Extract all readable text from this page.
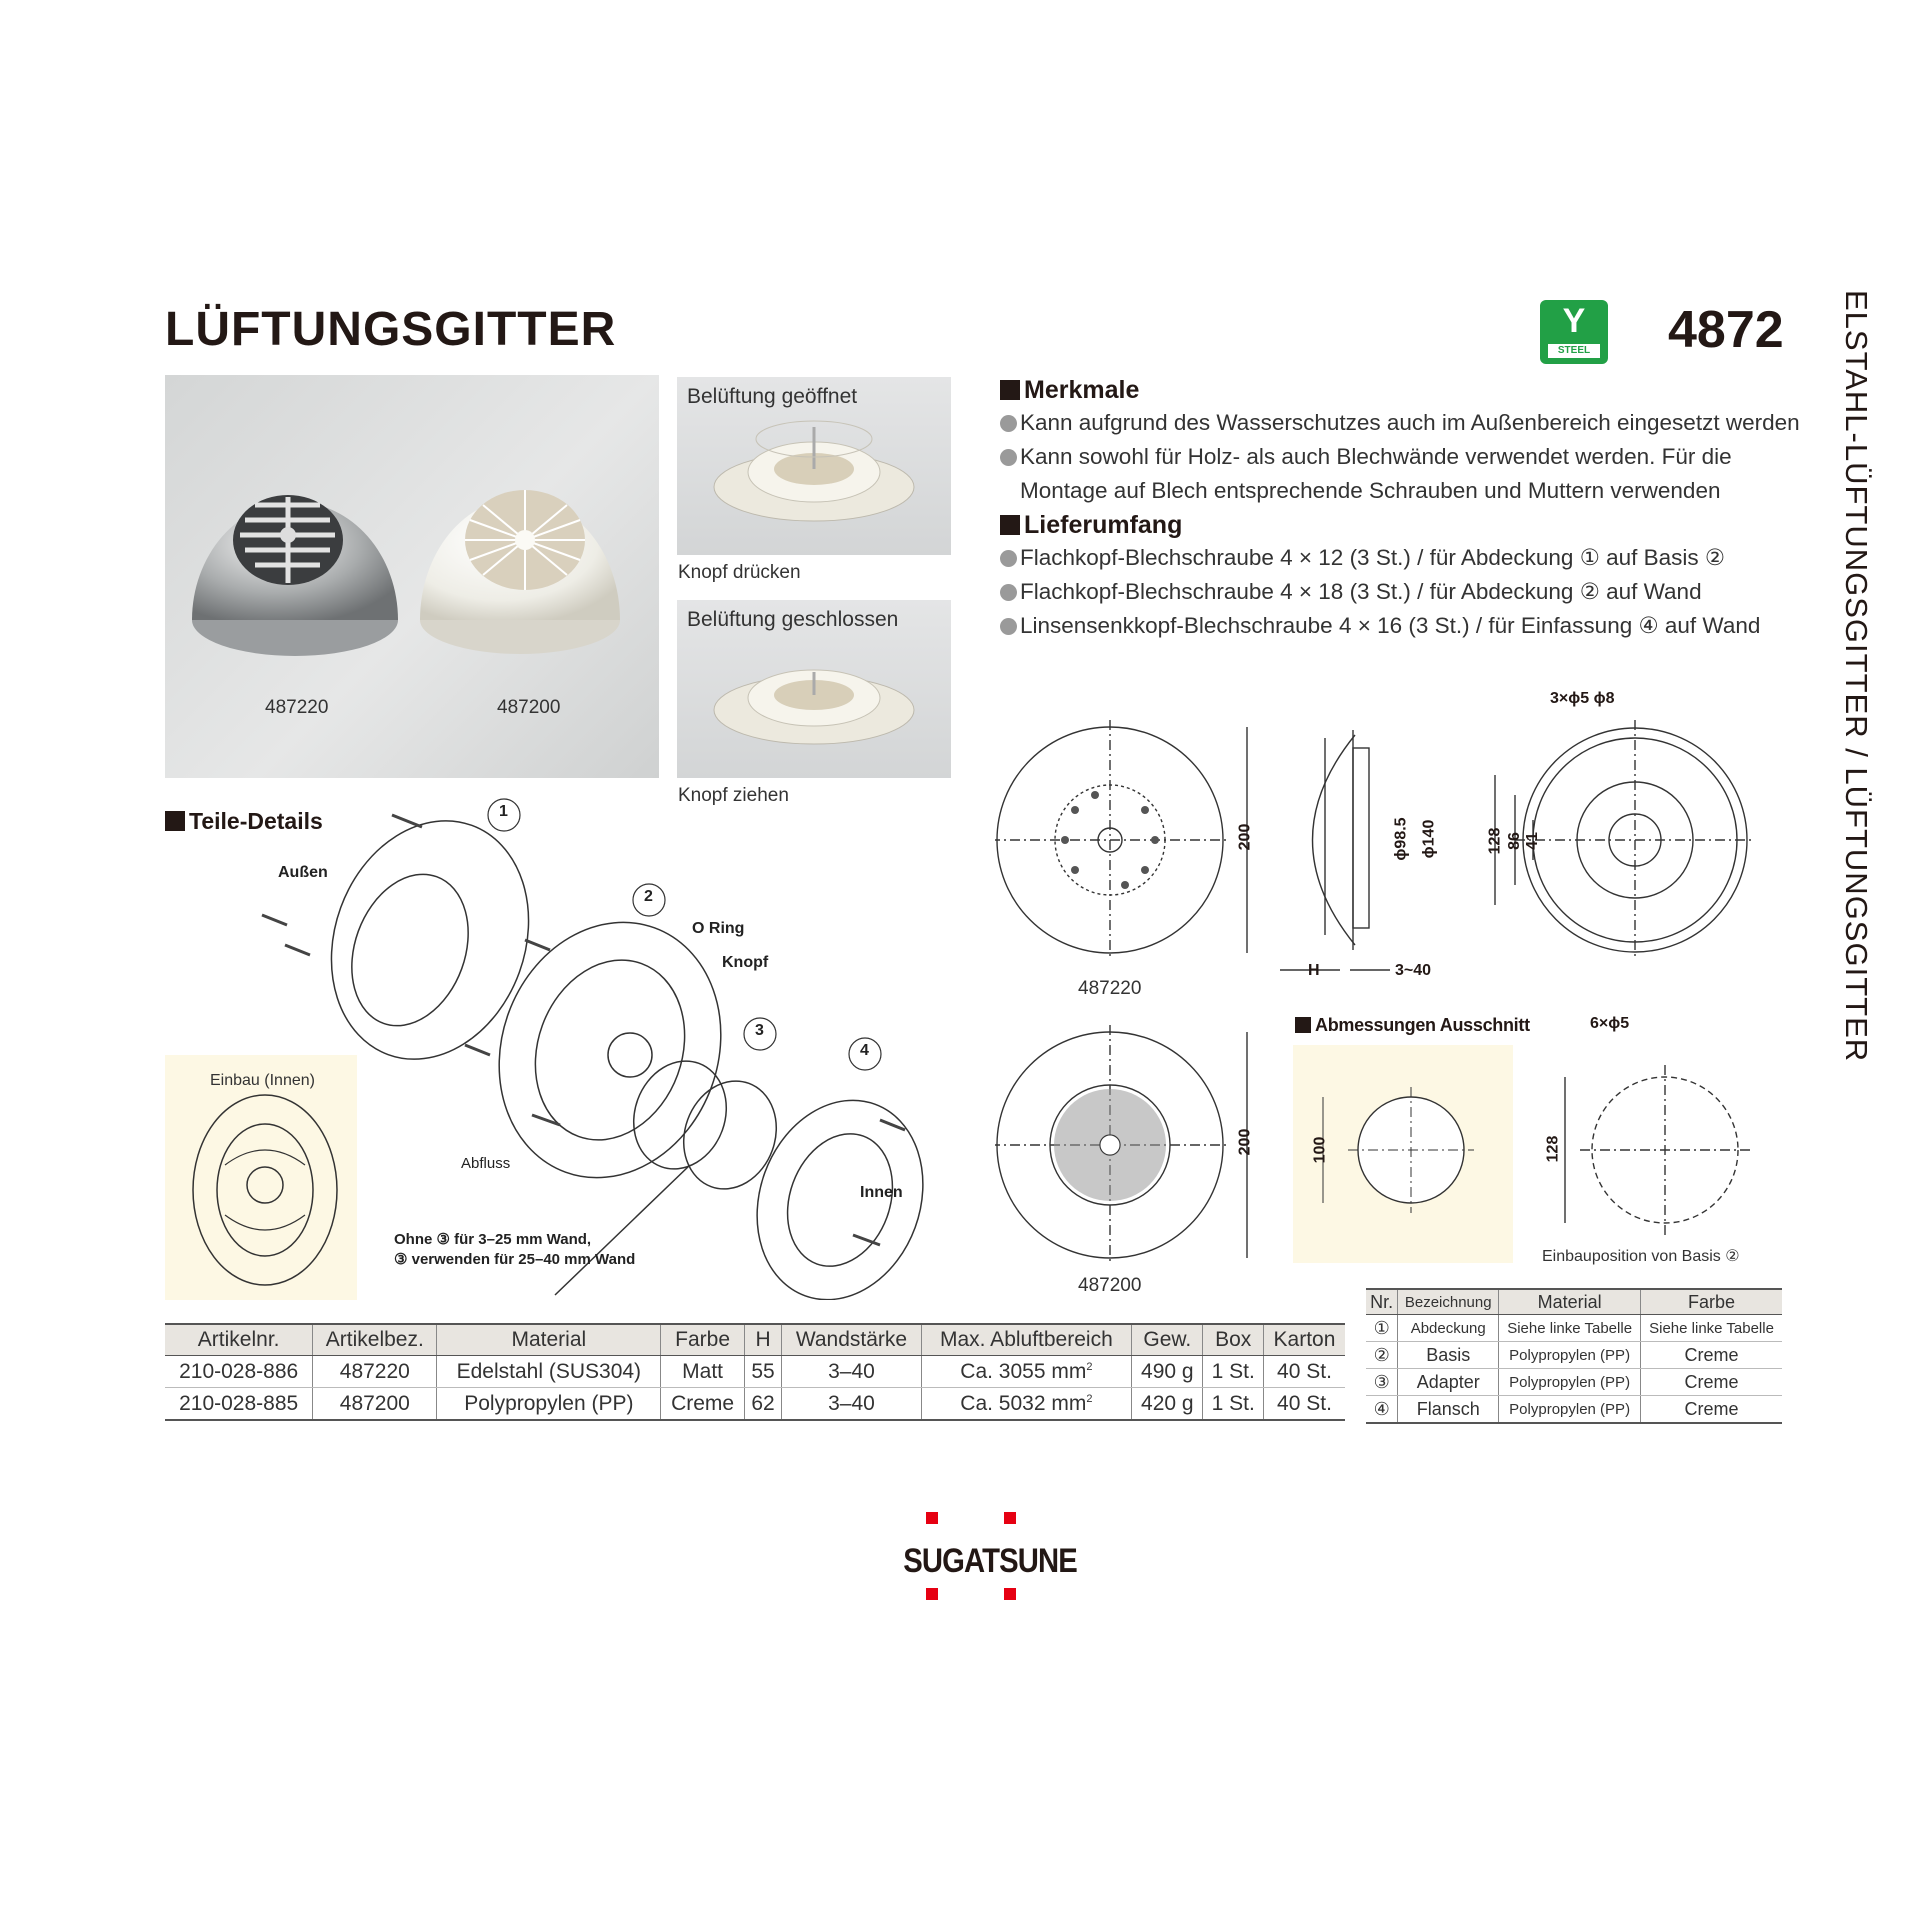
LÜFTUNGSGITTER	Y
STEEL 4872 ELSTAHL-LÜFTUNGSGITTER / LÜFTUNGSGITTER
487220	487200
Belüftung geöffnet
Knopf drücken
Belüftung geschlossen
Knopf ziehen
Merkmale
Kann aufgrund des Wasserschutzes auch im Außenbereich eingesetzt werden
Kann sowohl für Holz- als auch Blechwände verwendet werden. Für die
Montage auf Blech entsprechende Schrauben und Muttern verwenden
Lieferumfang
Flachkopf-Blechschraube 4 × 12 (3 St.) / für Abdeckung ① auf Basis ②
Flachkopf-Blechschraube 4 × 18 (3 St.) / für Abdeckung ② auf Wand
Linsensenkkopf-Blechschraube 4 × 16 (3 St.) / für Einfassung ④ auf Wand
Teile-Details	1
2
3
4
Außen
O Ring
Knopf
Abfluss
Innen
Ohne ③ für 3–25 mm Wand,
③ verwenden für 25–40 mm Wand
Einbau (Innen)
487220
487200
200
200
ϕ98.5 ϕ140
H	3~40
3×ϕ5 ϕ8
128 86 41
Abmessungen Ausschnitt
100
6×ϕ5
128
Einbauposition von Basis ②
Artikelnr.	Artikelbez.	Material	Farbe	H	Wandstärke	Max. Abluftbereich	Gew.	Box	Karton
210-028-886	487220	Edelstahl (SUS304)	Matt	55	3–40	Ca. 3055 $mm^2$	490 g	1 St.	40 St.
210-028-885	487200	Polypropylen (PP)	Creme	62	3–40	Ca. 5032 $mm^2$	420 g	1 St.	40 St.
Nr.	Bezeichnung	Material	Farbe
①	Abdeckung	Siehe linke Tabelle	Siehe linke Tabelle
②	Basis	Polypropylen (PP)	Creme
③	Adapter	Polypropylen (PP)	Creme
④	Flansch	Polypropylen (PP)	Creme
SUGATSUNE
